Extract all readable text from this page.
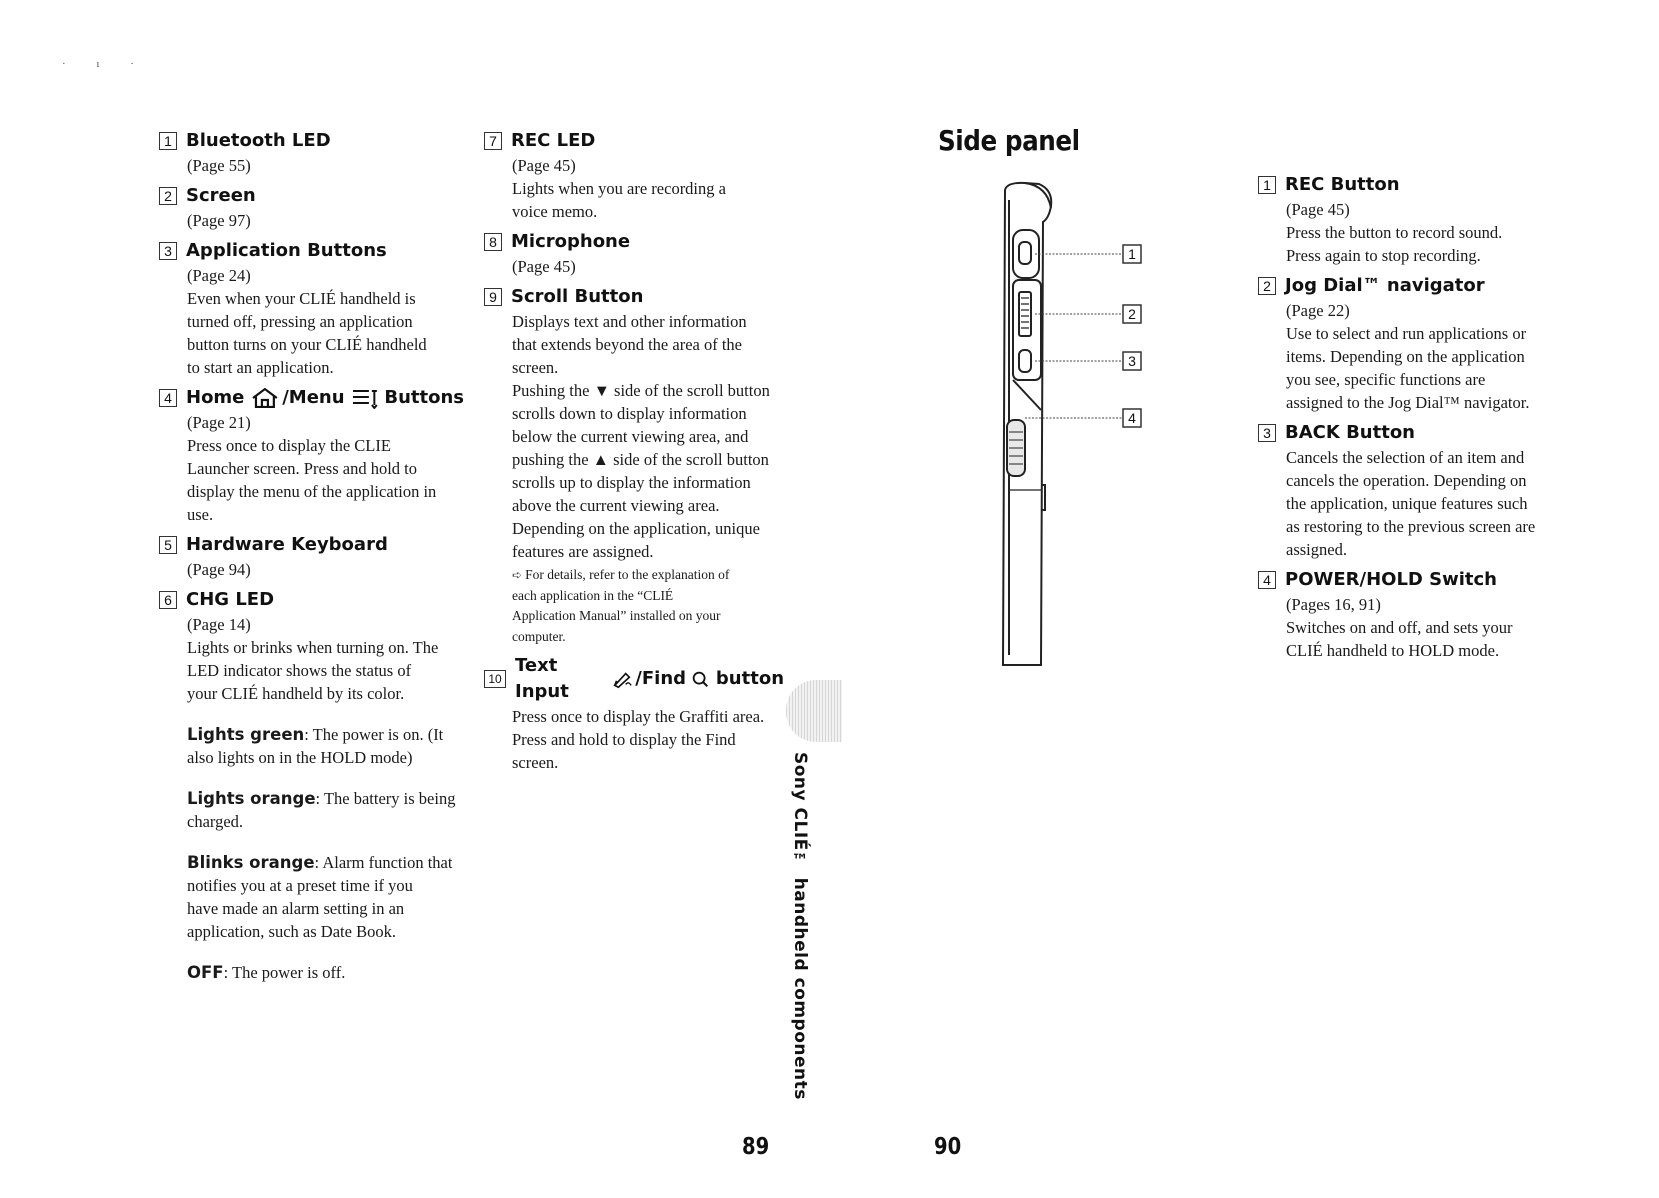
· ı ·
1 Bluetooth LED

(Page 55)

2 Screen

(Page 97)

3 Application Buttons

(Page 24)

Even when your CLIÉ handheld is

turned off, pressing an application

button turns on your CLIÉ handheld

to start an application.

4 Home /Menu Buttons

(Page 21)

Press once to display the CLIE

Launcher screen. Press and hold to

display the menu of the application in

use.

5 Hardware Keyboard

(Page 94)

6 CHG LED

(Page 14)

Lights or brinks when turning on. The

LED indicator shows the status of

your CLIÉ handheld by its color.

Lights green: The power is on. (It

also lights on in the HOLD mode)

Lights orange: The battery is being

charged.

Blinks orange: Alarm function that

notifies you at a preset time if you

have made an alarm setting in an

application, such as Date Book.

OFF: The power is off.

7 REC LED

(Page 45)

Lights when you are recording a

voice memo.

8 Microphone

(Page 45)

9 Scroll Button

Displays text and other information

that extends beyond the area of the

screen.

Pushing the ▼ side of the scroll button

scrolls down to display information

below the current viewing area, and

pushing the ▲ side of the scroll button

scrolls up to display the information

above the current viewing area.

Depending on the application, unique

features are assigned.

➪ For details, refer to the explanation of

each application in the “CLIÉ

Application Manual” installed on your

computer.

10
Text Input
/Find button

Press once to display the Graffiti area.

Press and hold to display the Find

screen.	Sony CLIÉ™ handheld components
89	90
Side panel
1
2
3
4
1 REC Button

(Page 45)

Press the button to record sound.

Press again to stop recording.

2 Jog Dial™ navigator

(Page 22)

Use to select and run applications or

items. Depending on the application

you see, specific functions are

assigned to the Jog Dial™ navigator.

3 BACK Button

Cancels the selection of an item and

cancels the operation. Depending on

the application, unique features such

as restoring to the previous screen are

assigned.

4 POWER/HOLD Switch

(Pages 16, 91)

Switches on and off, and sets your

CLIÉ handheld to HOLD mode.
